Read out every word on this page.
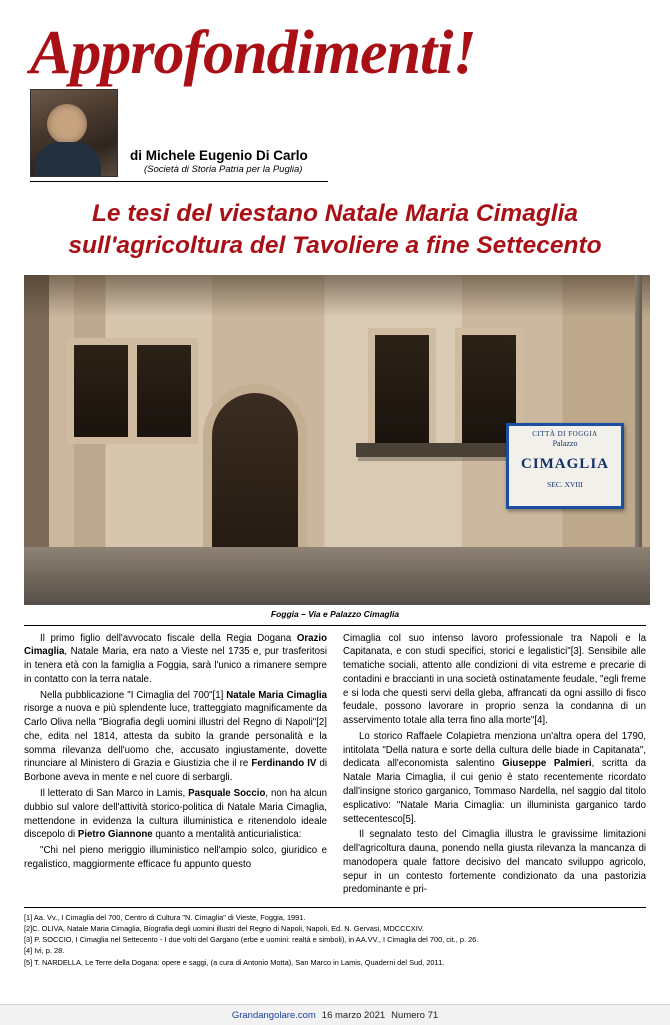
Approfondimenti!
di Michele Eugenio Di Carlo
(Società di Storia Patria per la Puglia)
Le tesi del viestano Natale Maria Cimaglia
sull'agricoltura del Tavoliere a fine Settecento
CITTÀ DI FOGGIA
Palazzo
CIMAGLIA
SEC. XVIII
Foggia – Via e Palazzo Cimaglia

Il primo figlio dell'avvocato fiscale della Regia Dogana Orazio Cimaglia, Natale Maria, era nato a Vieste nel 1735 e, pur trasferitosi in tenera età con la famiglia a Foggia, sarà l'unico a rimanere sempre in contatto con la terra natale.

Nella pubblicazione "I Cimaglia del 700"[1] Natale Maria Cimaglia risorge a nuova e più splendente luce, tratteggiato magnificamente da Carlo Oliva nella "Biografia degli uomini illustri del Regno di Napoli"[2] che, edita nel 1814, attesta da subito la grande personalità e la somma rilevanza dell'uomo che, accusato ingiustamente, dovette rinunciare al Ministero di Grazia e Giustizia che il re Ferdinando IV di Borbone aveva in mente e nel cuore di serbargli.

Il letterato di San Marco in Lamis, Pasquale Soccio, non ha alcun dubbio sul valore dell'attività storico-politica di Natale Maria Cimaglia, mettendone in evidenza la cultura illuministica e ritenendolo ideale discepolo di Pietro Giannone quanto a mentalità anticurialistica:

"Chi nel pieno meriggio illuministico nell'ampio solco, giuridico e regalistico, maggiormente efficace fu appunto questo

Cimaglia col suo intenso lavoro professionale tra Napoli e la Capitanata, e con studi specifici, storici e legalistici"[3]. Sensibile alle tematiche sociali, attento alle condizioni di vita estreme e precarie di contadini e braccianti in una società ostinatamente feudale, "egli freme e si loda che questi servi della gleba, affrancati da ogni assillo di fisco feudale, possono lavorare in proprio senza la condanna di un asservimento totale alla terra fino alla morte"[4].

Lo storico Raffaele Colapietra menziona un'altra opera del 1790, intitolata "Della natura e sorte della cultura delle biade in Capitanata", dedicata all'economista salentino Giuseppe Palmieri, scritta da Natale Maria Cimaglia, il cui genio è stato recentemente ricordato dall'insigne storico garganico, Tommaso Nardella, nel saggio dal titolo esplicativo: "Natale Maria Cimaglia: un illuminista garganico tardo settecentesco[5].

Il segnalato testo del Cimaglia illustra le gravissime limitazioni dell'agricoltura dauna, ponendo nella giusta rilevanza la mancanza di manodopera quale fattore decisivo del mancato sviluppo agricolo, sepur in un contesto fortemente condizionato da una pastorizia predominante e pri-

[1] Aa. Vv., I Cimaglia del 700, Centro di Cultura "N. Cimaglia" di Vieste, Foggia, 1991.
[2]C. OLIVA, Natale Maria Cimaglia, Biografia degli uomini illustri del Regno di Napoli, Napoli, Ed. N. Gervasi, MDCCCXIV.
[3] P. SOCCIO, I Cimaglia nel Settecento - I due volti del Gargano (erbe e uomini: realtà e simboli), in AA.VV., I Cimaglia del 700, cit., p. 26.
[4] Ivi, p. 28.
[5] T. NARDELLA, Le Terre della Dogana: opere e saggi, (a cura di Antonio Motta), San Marco in Lamis, Quaderni del Sud, 2011.
Grandangolare.com 16 marzo 2021 Numero 71
